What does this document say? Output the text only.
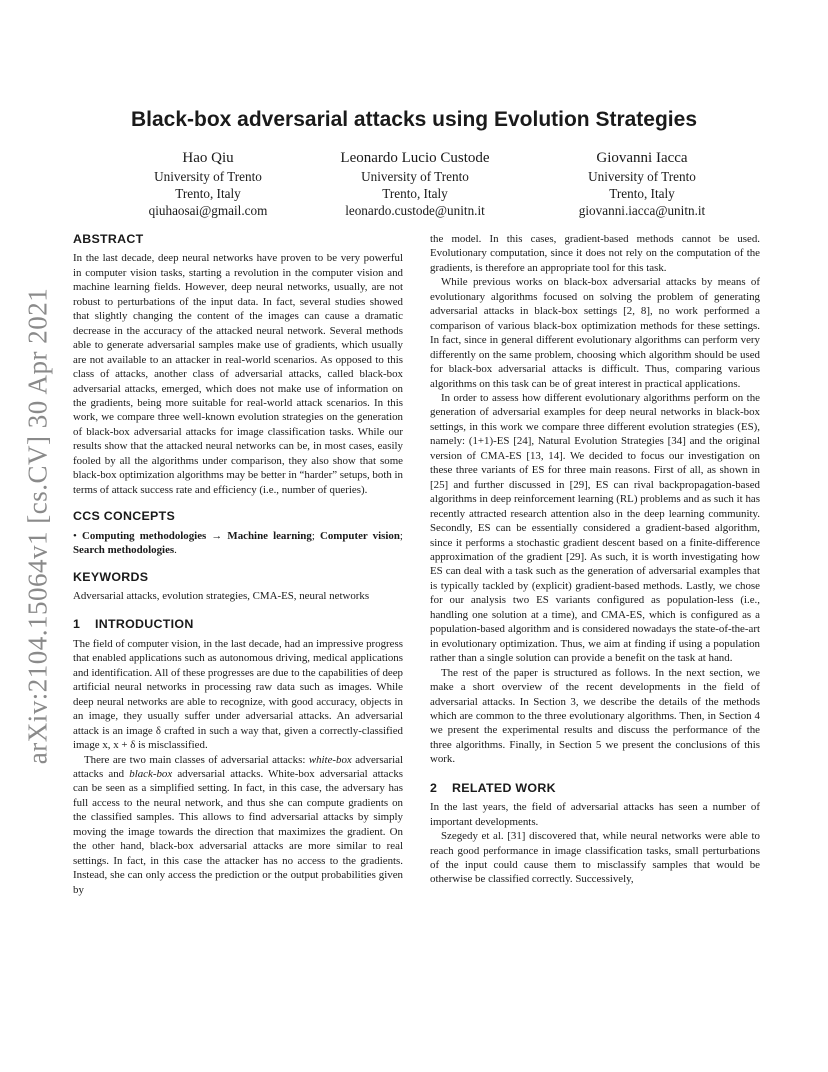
arXiv:2104.15064v1 [cs.CV] 30 Apr 2021
Black-box adversarial attacks using Evolution Strategies
Hao Qiu
University of Trento
Trento, Italy
qiuhaosai@gmail.com
Leonardo Lucio Custode
University of Trento
Trento, Italy
leonardo.custode@unitn.it
Giovanni Iacca
University of Trento
Trento, Italy
giovanni.iacca@unitn.it
ABSTRACT

In the last decade, deep neural networks have proven to be very powerful in computer vision tasks, starting a revolution in the computer vision and machine learning fields. However, deep neural networks, usually, are not robust to perturbations of the input data. In fact, several studies showed that slightly changing the content of the images can cause a dramatic decrease in the accuracy of the attacked neural network. Several methods able to generate adversarial samples make use of gradients, which usually are not available to an attacker in real-world scenarios. As opposed to this class of attacks, another class of adversarial attacks, called black-box adversarial attacks, emerged, which does not make use of information on the gradients, being more suitable for real-world attack scenarios. In this work, we compare three well-known evolution strategies on the generation of black-box adversarial attacks for image classification tasks. While our results show that the attacked neural networks can be, in most cases, easily fooled by all the algorithms under comparison, they also show that some black-box optimization algorithms may be better in “harder” setups, both in terms of attack success rate and efficiency (i.e., number of queries).

CCS CONCEPTS

• Computing methodologies → Machine learning; Computer vision; Search methodologies.

KEYWORDS

Adversarial attacks, evolution strategies, CMA-ES, neural networks

1 INTRODUCTION

The field of computer vision, in the last decade, had an impressive progress that enabled applications such as autonomous driving, medical applications and identification. All of these progresses are due to the capabilities of deep artificial neural networks in processing raw data such as images. While deep neural networks are able to recognize, with good accuracy, objects in an image, they usually suffer under adversarial attacks. An adversarial attack is an image δ crafted in such a way that, given a correctly-classified image x, x + δ is misclassified.

There are two main classes of adversarial attacks: white-box adversarial attacks and black-box adversarial attacks. White-box adversarial attacks can be seen as a simplified setting. In fact, in this case, the adversary has full access to the neural network, and thus she can compute gradients on the classified samples. This allows to find adversarial attacks by simply moving the image towards the direction that maximizes the gradient. On the other hand, black-box adversarial attacks are more similar to real settings. In fact, in this case the attacker has no access to the gradients. Instead, she can only access the prediction or the output probabilities given by

the model. In this cases, gradient-based methods cannot be used. Evolutionary computation, since it does not rely on the computation of the gradients, is therefore an appropriate tool for this task.

While previous works on black-box adversarial attacks by means of evolutionary algorithms focused on solving the problem of generating adversarial attacks in black-box settings [2, 8], no work performed a comparison of various black-box optimization methods for these settings. In fact, since in general different evolutionary algorithms can perform very differently on the same problem, choosing which algorithm should be used for black-box adversarial attacks is difficult. Thus, comparing various algorithms on this task can be of great interest in practical applications.

In order to assess how different evolutionary algorithms perform on the generation of adversarial examples for deep neural networks in black-box settings, in this work we compare three different evolution strategies (ES), namely: (1+1)-ES [24], Natural Evolution Strategies [34] and the original version of CMA-ES [13, 14]. We decided to focus our investigation on these three variants of ES for three main reasons. First of all, as shown in [25] and further discussed in [29], ES can rival backpropagation-based algorithms in deep reinforcement learning (RL) problems and as such it has recently attracted research attention also in the deep learning community. Secondly, ES can be essentially considered a gradient-based algorithm, since it performs a stochastic gradient descent based on a finite-difference approximation of the gradient [29]. As such, it is worth investigating how ES can deal with a task such as the generation of adversarial examples that is typically tackled by (explicit) gradient-based methods. Lastly, we chose for our analysis two ES variants configured as population-less (i.e., handling one solution at a time), and CMA-ES, which is configured as a population-based algorithm and is considered nowadays the state-of-the-art in evolutionary optimization. Thus, we aim at finding if using a population rather than a single solution can provide a benefit on the task at hand.

The rest of the paper is structured as follows. In the next section, we make a short overview of the recent developments in the field of adversarial attacks. In Section 3, we describe the details of the methods which are common to the three evolutionary algorithms. Then, in Section 4 we present the experimental results and discuss the performance of the three algorithms. Finally, in Section 5 we present the conclusions of this work.

2 RELATED WORK

In the last years, the field of adversarial attacks has seen a number of important developments.

Szegedy et al. [31] discovered that, while neural networks were able to reach good performance in image classification tasks, small perturbations of the input could cause them to misclassify samples that would be otherwise be classified correctly. Successively,
